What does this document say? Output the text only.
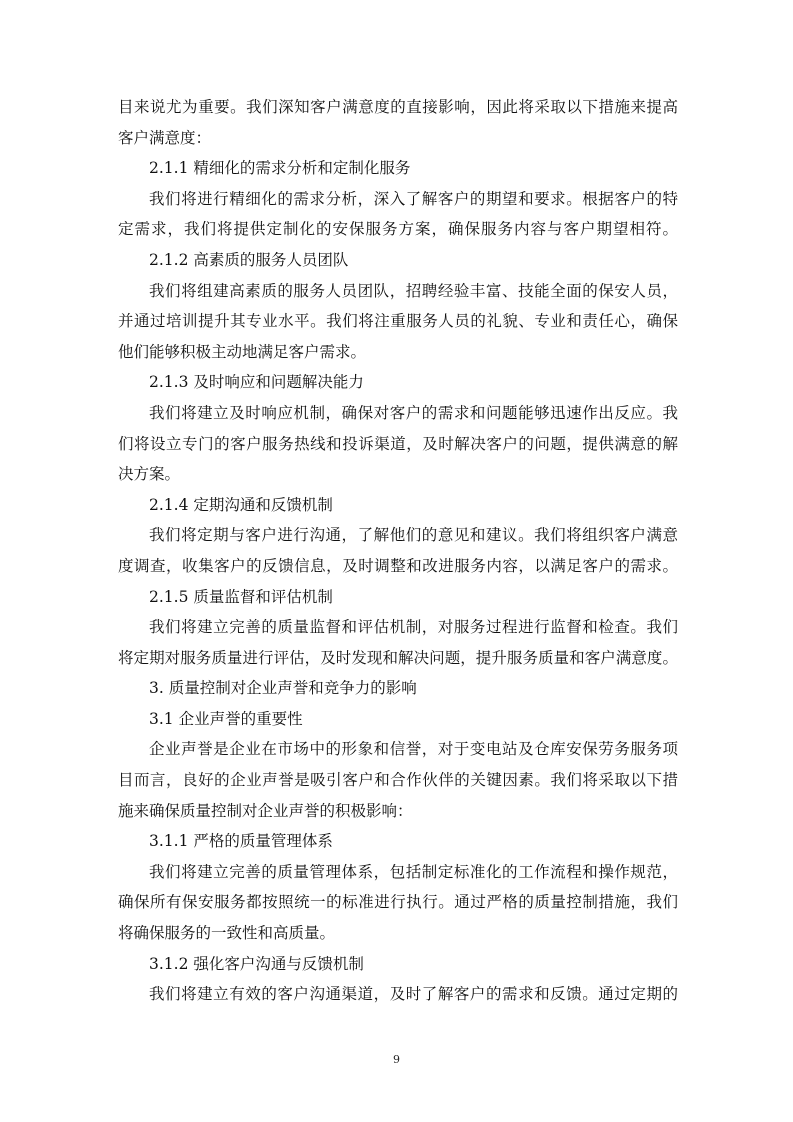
目来说尤为重要。我们深知客户满意度的直接影响，因此将采取以下措施来提高
客户满意度：
2.1.1 精细化的需求分析和定制化服务
我们将进行精细化的需求分析，深入了解客户的期望和要求。根据客户的特
定需求，我们将提供定制化的安保服务方案，确保服务内容与客户期望相符。
2.1.2 高素质的服务人员团队
我们将组建高素质的服务人员团队，招聘经验丰富、技能全面的保安人员，
并通过培训提升其专业水平。我们将注重服务人员的礼貌、专业和责任心，确保
他们能够积极主动地满足客户需求。
2.1.3 及时响应和问题解决能力
我们将建立及时响应机制，确保对客户的需求和问题能够迅速作出反应。我
们将设立专门的客户服务热线和投诉渠道，及时解决客户的问题，提供满意的解
决方案。
2.1.4 定期沟通和反馈机制
我们将定期与客户进行沟通，了解他们的意见和建议。我们将组织客户满意
度调查，收集客户的反馈信息，及时调整和改进服务内容，以满足客户的需求。
2.1.5 质量监督和评估机制
我们将建立完善的质量监督和评估机制，对服务过程进行监督和检查。我们
将定期对服务质量进行评估，及时发现和解决问题，提升服务质量和客户满意度。
3. 质量控制对企业声誉和竞争力的影响
3.1 企业声誉的重要性
企业声誉是企业在市场中的形象和信誉，对于变电站及仓库安保劳务服务项
目而言，良好的企业声誉是吸引客户和合作伙伴的关键因素。我们将采取以下措
施来确保质量控制对企业声誉的积极影响：
3.1.1 严格的质量管理体系
我们将建立完善的质量管理体系，包括制定标准化的工作流程和操作规范，
确保所有保安服务都按照统一的标准进行执行。通过严格的质量控制措施，我们
将确保服务的一致性和高质量。
3.1.2 强化客户沟通与反馈机制
我们将建立有效的客户沟通渠道，及时了解客户的需求和反馈。通过定期的
9
